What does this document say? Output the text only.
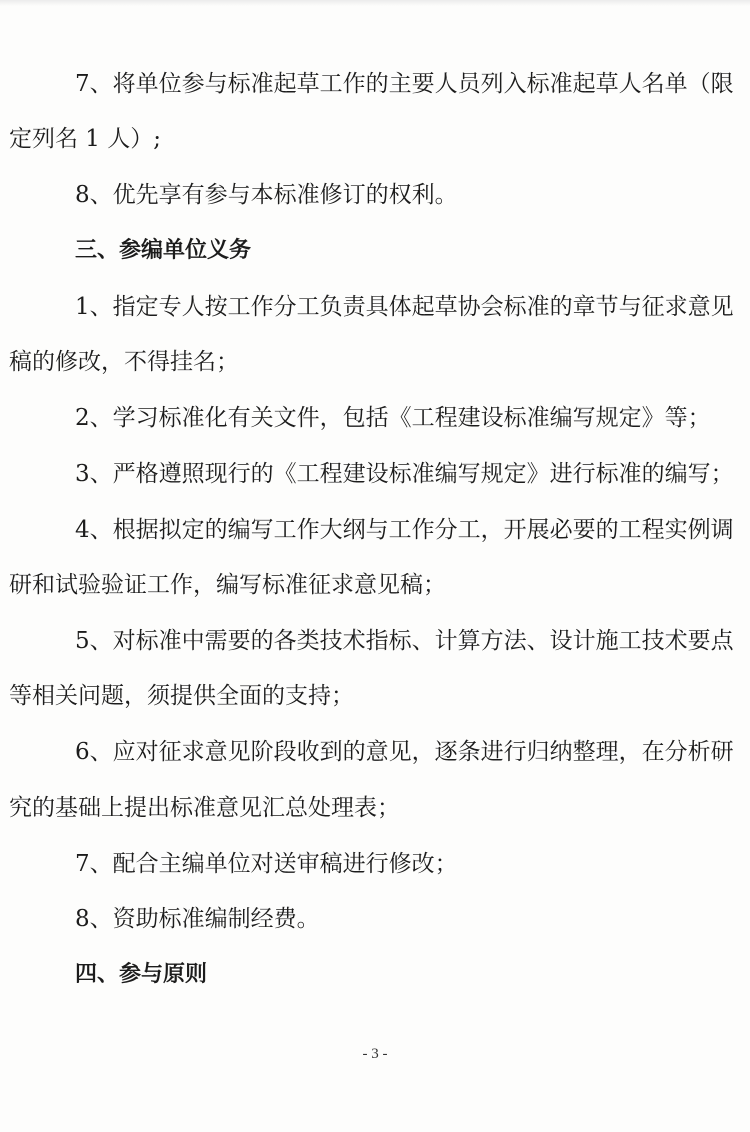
7、将单位参与标准起草工作的主要人员列入标准起草人名单（限
定列名 1 人）;
8、优先享有参与本标准修订的权利。
三、参编单位义务
1、指定专人按工作分工负责具体起草协会标准的章节与征求意见
稿的修改，不得挂名；
2、学习标准化有关文件，包括《工程建设标准编写规定》等；
3、严格遵照现行的《工程建设标准编写规定》进行标准的编写；
4、根据拟定的编写工作大纲与工作分工，开展必要的工程实例调
研和试验验证工作，编写标准征求意见稿；
5、对标准中需要的各类技术指标、计算方法、设计施工技术要点
等相关问题，须提供全面的支持；
6、应对征求意见阶段收到的意见，逐条进行归纳整理，在分析研
究的基础上提出标准意见汇总处理表；
7、配合主编单位对送审稿进行修改；
8、资助标准编制经费。
四、参与原则
- 3 -
